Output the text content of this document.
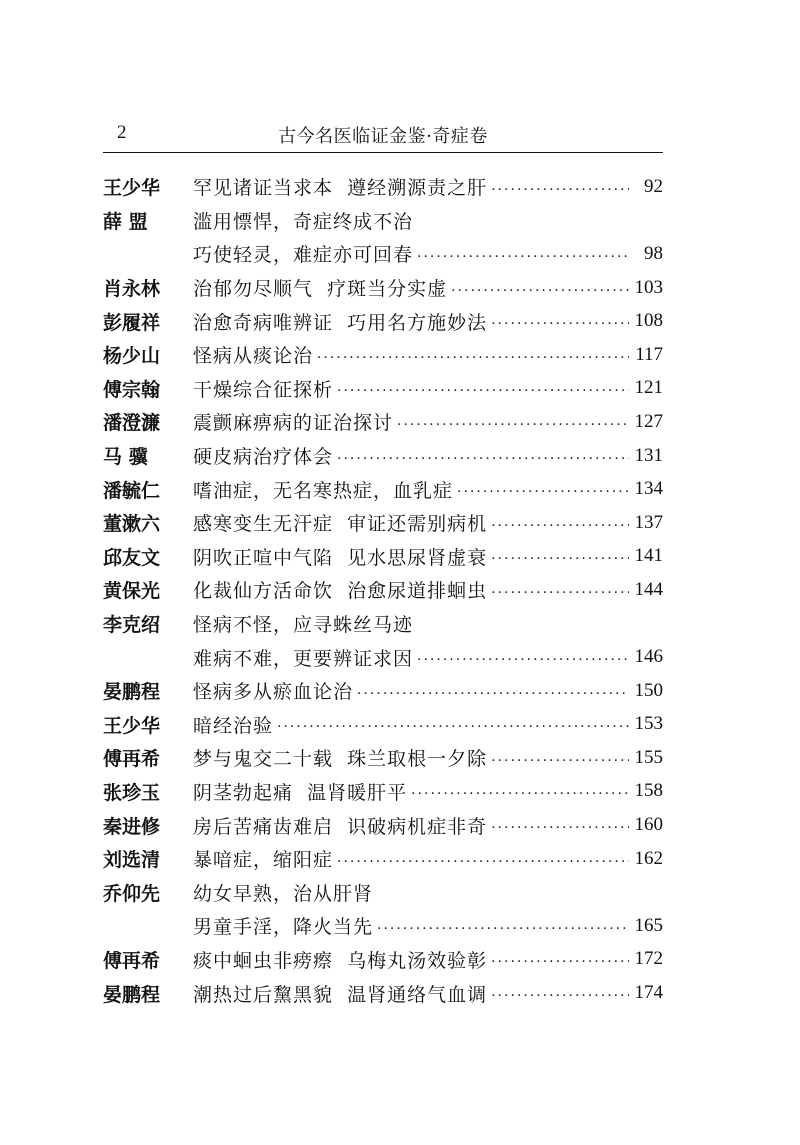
2	古今名医临证金鉴·奇症卷
王少华	罕见诸证当求本  遵经溯源责之肝 ·····	92
薛 盟	滥用慓悍，奇症终成不治
巧使轻灵，难症亦可回春 ·····	98
肖永林	治郁勿尽顺气  疗斑当分实虚 ·····	103
彭履祥	治愈奇病唯辨证  巧用名方施妙法 ·····	108
杨少山	怪病从痰论治 ·····	117
傅宗翰	干燥综合征探析 ·····	121
潘澄濂	震颤麻痹病的证治探讨 ·····	127
马 骥	硬皮病治疗体会 ·····	131
潘毓仁	嗜油症，无名寒热症，血乳症 ·····	134
董漱六	感寒变生无汗症  审证还需别病机 ·····	137
邱友文	阴吹正喧中气陷  见水思尿肾虚衰 ·····	141
黄保光	化裁仙方活命饮  治愈尿道排蛔虫 ·····	144
李克绍	怪病不怪，应寻蛛丝马迹
难病不难，更要辨证求因 ·····	146
晏鹏程	怪病多从瘀血论治 ·····	150
王少华	暗经治验 ·····	153
傅再希	梦与鬼交二十载  珠兰取根一夕除 ·····	155
张珍玉	阴茎勃起痛  温肾暖肝平 ·····	158
秦进修	房后苦痛齿难启  识破病机症非奇 ·····	160
刘选清	暴喑症，缩阳症 ·····	162
乔仰先	幼女早熟，治从肝肾
男童手淫，降火当先 ·····	165
傅再希	痰中蛔虫非痨瘵  乌梅丸汤效验彰 ·····	172
晏鹏程	潮热过后黧黑貌  温肾通络气血调 ·····	174
